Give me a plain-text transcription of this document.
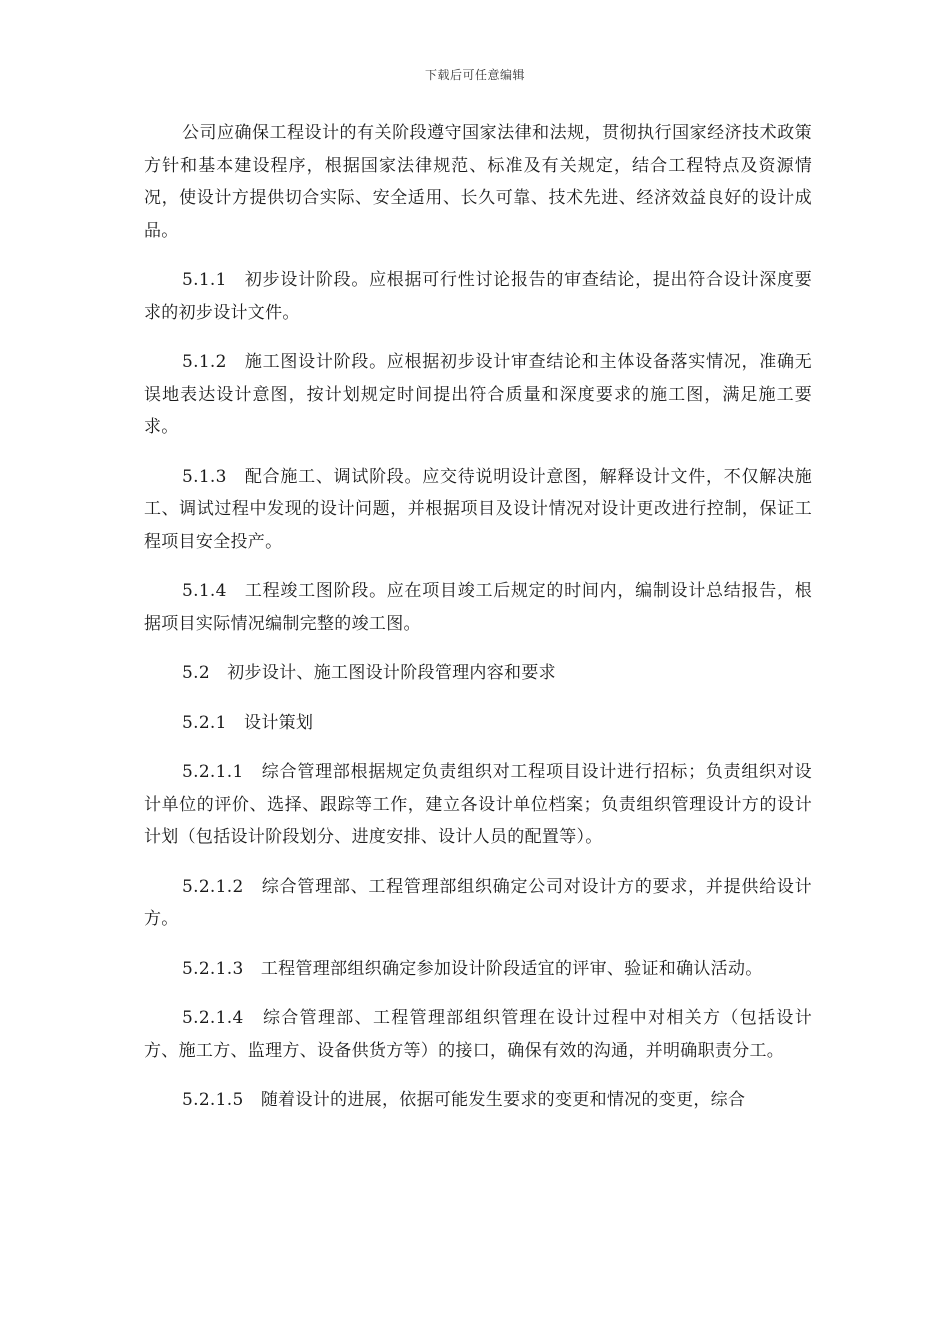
下载后可任意编辑

公司应确保工程设计的有关阶段遵守国家法律和法规，贯彻执行国家经济技术政策方针和基本建设程序，根据国家法律规范、标准及有关规定，结合工程特点及资源情况，使设计方提供切合实际、安全适用、长久可靠、技术先进、经济效益良好的设计成品。

5.1.1　初步设计阶段。应根据可行性讨论报告的审查结论，提出符合设计深度要求的初步设计文件。

5.1.2　施工图设计阶段。应根据初步设计审查结论和主体设备落实情况，准确无误地表达设计意图，按计划规定时间提出符合质量和深度要求的施工图，满足施工要求。

5.1.3　配合施工、调试阶段。应交待说明设计意图，解释设计文件，不仅解决施工、调试过程中发现的设计问题，并根据项目及设计情况对设计更改进行控制，保证工程项目安全投产。

5.1.4　工程竣工图阶段。应在项目竣工后规定的时间内，编制设计总结报告，根据项目实际情况编制完整的竣工图。

5.2　初步设计、施工图设计阶段管理内容和要求

5.2.1　设计策划

5.2.1.1　综合管理部根据规定负责组织对工程项目设计进行招标；负责组织对设计单位的评价、选择、跟踪等工作，建立各设计单位档案；负责组织管理设计方的设计计划（包括设计阶段划分、进度安排、设计人员的配置等）。

5.2.1.2　综合管理部、工程管理部组织确定公司对设计方的要求，并提供给设计方。

5.2.1.3　工程管理部组织确定参加设计阶段适宜的评审、验证和确认活动。

5.2.1.4　综合管理部、工程管理部组织管理在设计过程中对相关方（包括设计方、施工方、监理方、设备供货方等）的接口，确保有效的沟通，并明确职责分工。

5.2.1.5　随着设计的进展，依据可能发生要求的变更和情况的变更，综合
